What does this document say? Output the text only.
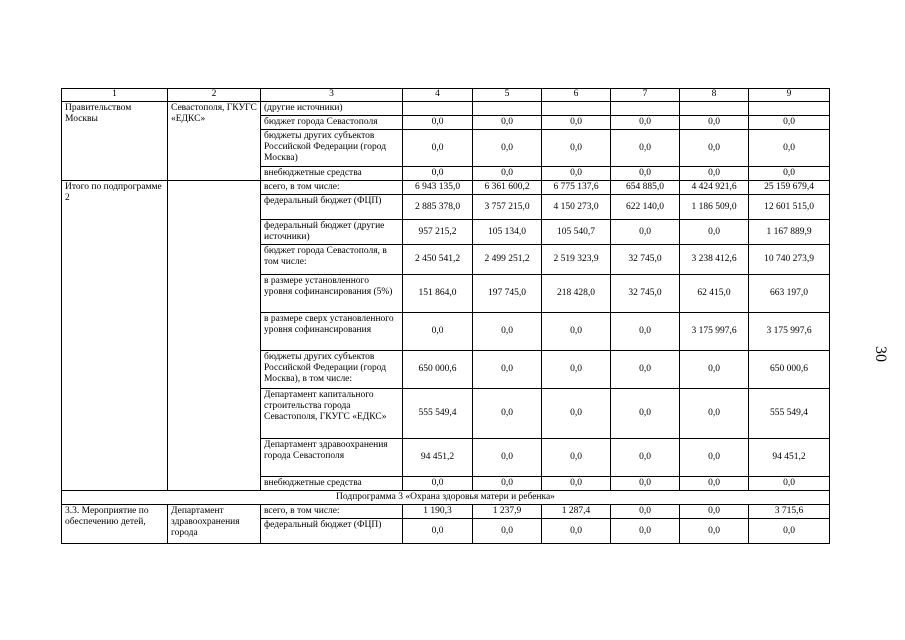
1	2	3	4	5	6	7	8	9
Правительством Москвы	Севастополя, ГКУГС «ЕДКС»	(другие источники)						
		бюджет города Севастополя	0,0	0,0	0,0	0,0	0,0	0,0
		бюджеты других субъектов Российской Федерации (город Москва)	0,0	0,0	0,0	0,0	0,0	0,0
		внебюджетные средства	0,0	0,0	0,0	0,0	0,0	0,0
Итого по подпрограмме 2		всего, в том числе:	6 943 135,0	6 361 600,2	6 775 137,6	654 885,0	4 424 921,6	25 159 679,4
		федеральный бюджет (ФЦП)	2 885 378,0	3 757 215,0	4 150 273,0	622 140,0	1 186 509,0	12 601 515,0
		федеральный бюджет (другие источники)	957 215,2	105 134,0	105 540,7	0,0	0,0	1 167 889,9
		бюджет города Севастополя, в том числе:	2 450 541,2	2 499 251,2	2 519 323,9	32 745,0	3 238 412,6	10 740 273,9
		в размере установленного уровня софинансирования (5%)	151 864,0	197 745,0	218 428,0	32 745,0	62 415,0	663 197,0
		в размере сверх установленного уровня софинансирования	0,0	0,0	0,0	0,0	3 175 997,6	3 175 997,6
		бюджеты других субъектов Российской Федерации (город Москва), в том числе:	650 000,6	0,0	0,0	0,0	0,0	650 000,6
		Департамент капитального строительства города Севастополя, ГКУГС «ЕДКС»	555 549,4	0,0	0,0	0,0	0,0	555 549,4
		Департамент здравоохранения города Севастополя	94 451,2	0,0	0,0	0,0	0,0	94 451,2
		внебюджетные средства	0,0	0,0	0,0	0,0	0,0	0,0
Подпрограмма 3 «Охрана здоровья матери и ребенка»								
3.3. Мероприятие по обеспечению детей,	Департамент здравоохранения города	всего, в том числе:	1 190,3	1 237,9	1 287,4	0,0	0,0	3 715,6
		федеральный бюджет (ФЦП)	0,0	0,0	0,0	0,0	0,0	0,0
30
